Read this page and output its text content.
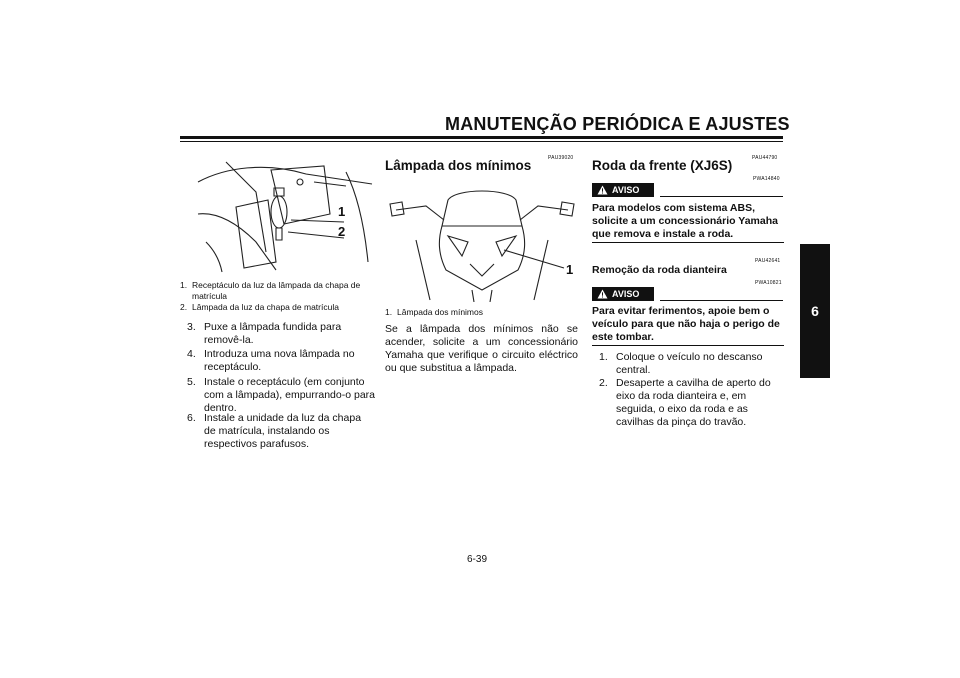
MANUTENÇÃO PERIÓDICA E AJUSTES
6
1
2
1. Receptáculo da luz da lâmpada da chapa de matrícula
2. Lâmpada da luz da chapa de matrícula
3. Puxe a lâmpada fundida para removê-la.
4. Introduza uma nova lâmpada no receptáculo.
5. Instale o receptáculo (em conjunto com a lâmpada), empurrando-o para dentro.
6. Instale a unidade da luz da chapa de matrícula, instalando os respectivos parafusos.
PAU39020
Lâmpada dos mínimos
1
1. Lâmpada dos mínimos
Se a lâmpada dos mínimos não se acender, solicite a um concessionário Yamaha que verifique o circuito eléctrico ou que substitua a lâmpada.
PAU44790
Roda da frente (XJ6S)
AVISO
PWA14840
Para modelos com sistema ABS, solicite a um concessionário Yamaha que remova e instale a roda.
PAU42641
Remoção da roda dianteira
AVISO
PWA10821
Para evitar ferimentos, apoie bem o veículo para que não haja o perigo de este tombar.
1. Coloque o veículo no descanso central.
2. Desaperte a cavilha de aperto do eixo da roda dianteira e, em seguida, o eixo da roda e as cavilhas da pinça do travão.
6-39
